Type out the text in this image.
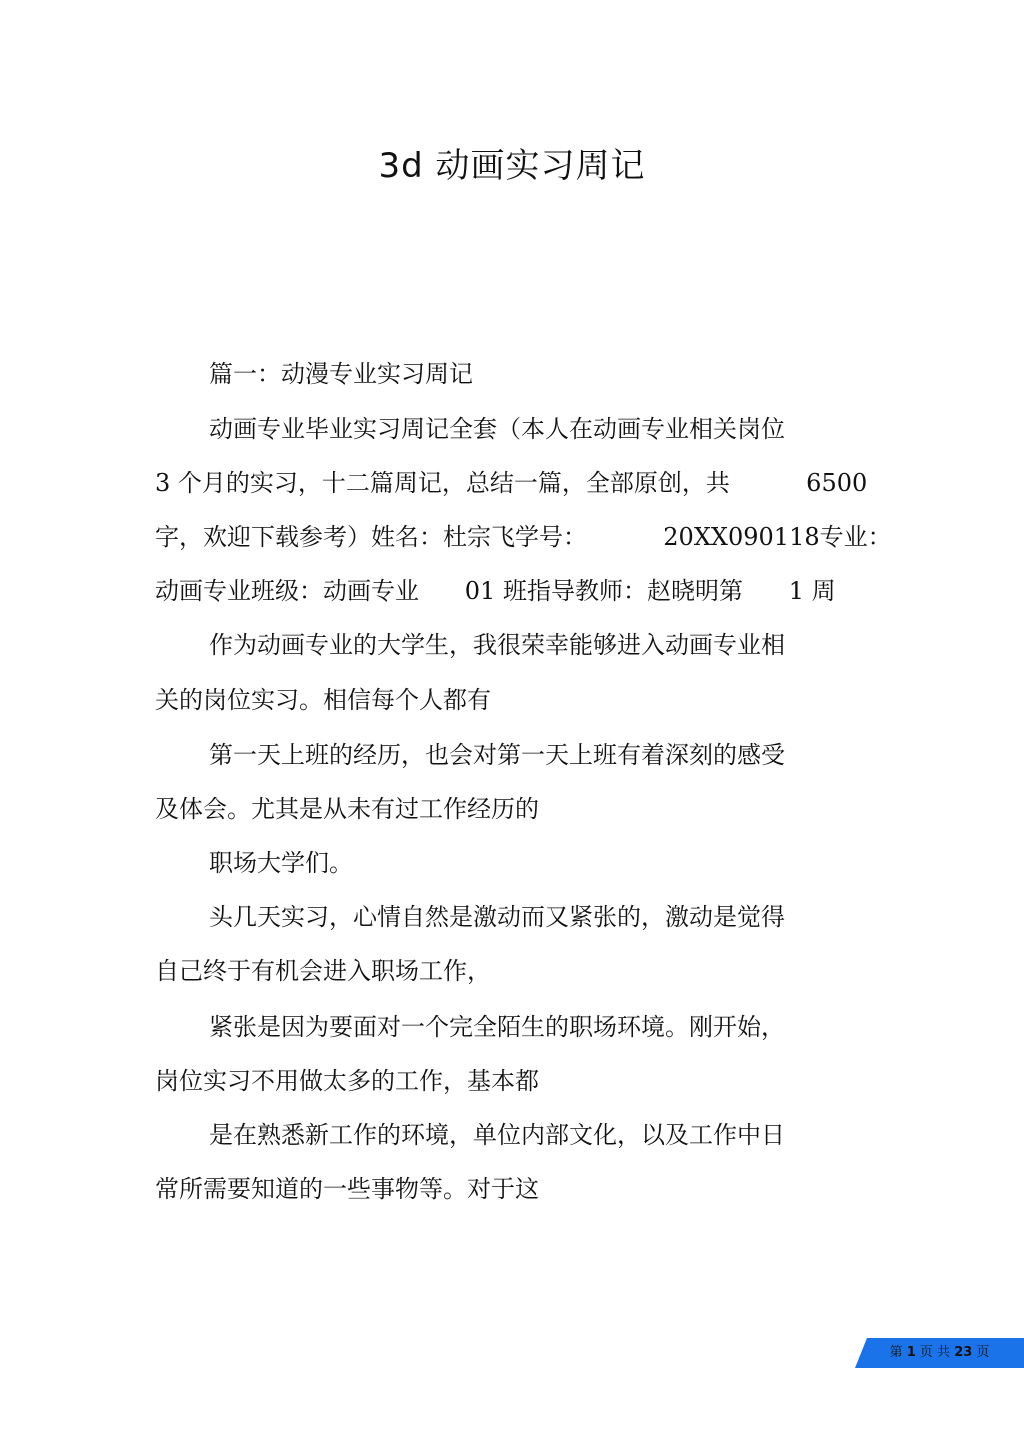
3d 动画实习周记
篇一：动漫专业实习周记
动画专业毕业实习周记全套（本人在动画专业相关岗位
3 个月的实习，十二篇周记，总结一篇，全部原创，共          6500
字，欢迎下载参考）姓名：杜宗飞学号：          20XX090118专业：
动画专业班级：动画专业      01 班指导教师：赵晓明第      1 周
作为动画专业的大学生，我很荣幸能够进入动画专业相
关的岗位实习。相信每个人都有
第一天上班的经历，也会对第一天上班有着深刻的感受
及体会。尤其是从未有过工作经历的
职场大学们。
头几天实习，心情自然是激动而又紧张的，激动是觉得
自己终于有机会进入职场工作，
紧张是因为要面对一个完全陌生的职场环境。刚开始，
岗位实习不用做太多的工作，基本都
是在熟悉新工作的环境，单位内部文化，以及工作中日
常所需要知道的一些事物等。对于这
第 1 页 共 23 页
